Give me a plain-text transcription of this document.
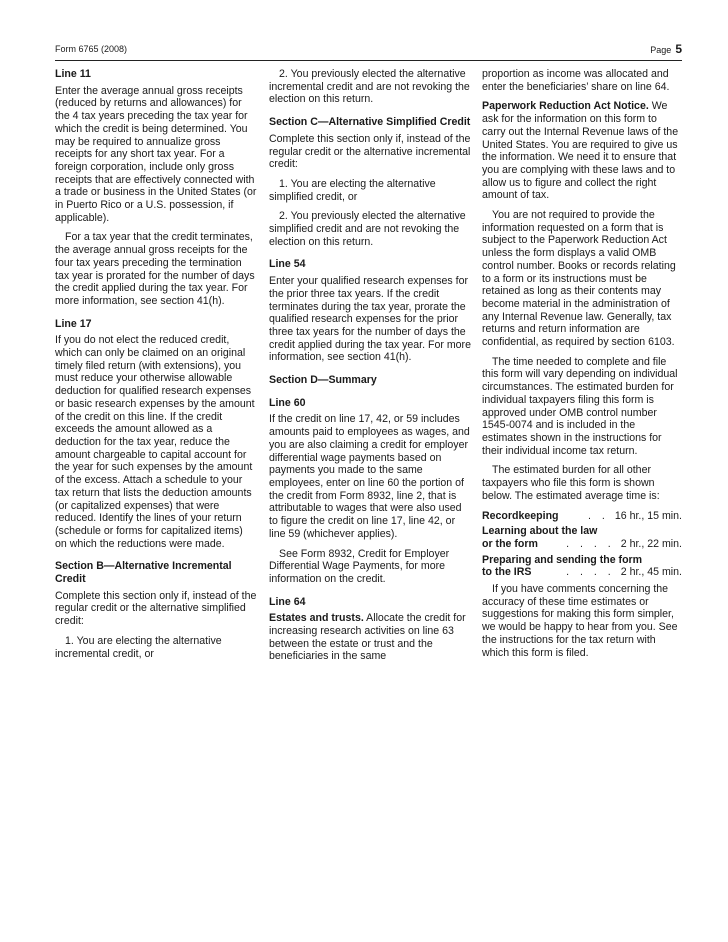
Form 6765 (2008)	Page 5
Line 11

Enter the average annual gross receipts (reduced by returns and allowances) for the 4 tax years preceding the tax year for which the credit is being determined. You may be required to annualize gross receipts for any short tax year. For a foreign corporation, include only gross receipts that are effectively connected with a trade or business in the United States (or in Puerto Rico or a U.S. possession, if applicable).

For a tax year that the credit terminates, the average annual gross receipts for the four tax years preceding the termination tax year is prorated for the number of days the credit applied during the tax year. For more information, see section 41(h).

Line 17

If you do not elect the reduced credit, which can only be claimed on an original timely filed return (with extensions), you must reduce your otherwise allowable deduction for qualified research expenses or basic research expenses by the amount of the credit on this line. If the credit exceeds the amount allowed as a deduction for the tax year, reduce the amount chargeable to capital account for the year for such expenses by the amount of the excess. Attach a schedule to your tax return that lists the deduction amounts (or capitalized expenses) that were reduced. Identify the lines of your return (schedule or forms for capitalized items) on which the reductions were made.

Section B—Alternative Incremental Credit

Complete this section only if, instead of the regular credit or the alternative simplified credit:

1. You are electing the alternative incremental credit, or

2. You previously elected the alternative incremental credit and are not revoking the election on this return.

Section C—Alternative Simplified Credit

Complete this section only if, instead of the regular credit or the alternative incremental credit:

1. You are electing the alternative simplified credit, or

2. You previously elected the alternative simplified credit and are not revoking the election on this return.

Line 54

Enter your qualified research expenses for the prior three tax years. If the credit terminates during the tax year, prorate the qualified research expenses for the prior three tax years for the number of days the credit applied during the tax year. For more information, see section 41(h).

Section D—Summary
Line 60

If the credit on line 17, 42, or 59 includes amounts paid to employees as wages, and you are also claiming a credit for employer differential wage payments based on payments you made to the same employees, enter on line 60 the portion of the credit from Form 8932, line 2, that is attributable to wages that were also used to figure the credit on line 17, line 42, or line 59 (whichever applies).

See Form 8932, Credit for Employer Differential Wage Payments, for more information on the credit.

Line 64

Estates and trusts. Allocate the credit for increasing research activities on line 63 between the estate or trust and the beneficiaries in the same

proportion as income was allocated and enter the beneficiaries’ share on line 64.

Paperwork Reduction Act Notice. We ask for the information on this form to carry out the Internal Revenue laws of the United States. You are required to give us the information. We need it to ensure that you are complying with these laws and to allow us to figure and collect the right amount of tax.

You are not required to provide the information requested on a form that is subject to the Paperwork Reduction Act unless the form displays a valid OMB control number. Books or records relating to a form or its instructions must be retained as long as their contents may become material in the administration of any Internal Revenue law. Generally, tax returns and return information are confidential, as required by section 6103.

The time needed to complete and file this form will vary depending on individual circumstances. The estimated burden for individual taxpayers filing this form is approved under OMB control number 1545-0074 and is included in the estimates shown in the instructions for their individual income tax return.

The estimated burden for all other taxpayers who file this form is shown below. The estimated average time is:

Recordkeeping	. . 16 hr., 15 min.
Learning about the law
or the form	. . . . 2 hr., 22 min.
Preparing and sending the form
to the IRS	. . . . 2 hr., 45 min.

If you have comments concerning the accuracy of these time estimates or suggestions for making this form simpler, we would be happy to hear from you. See the instructions for the tax return with which this form is filed.
